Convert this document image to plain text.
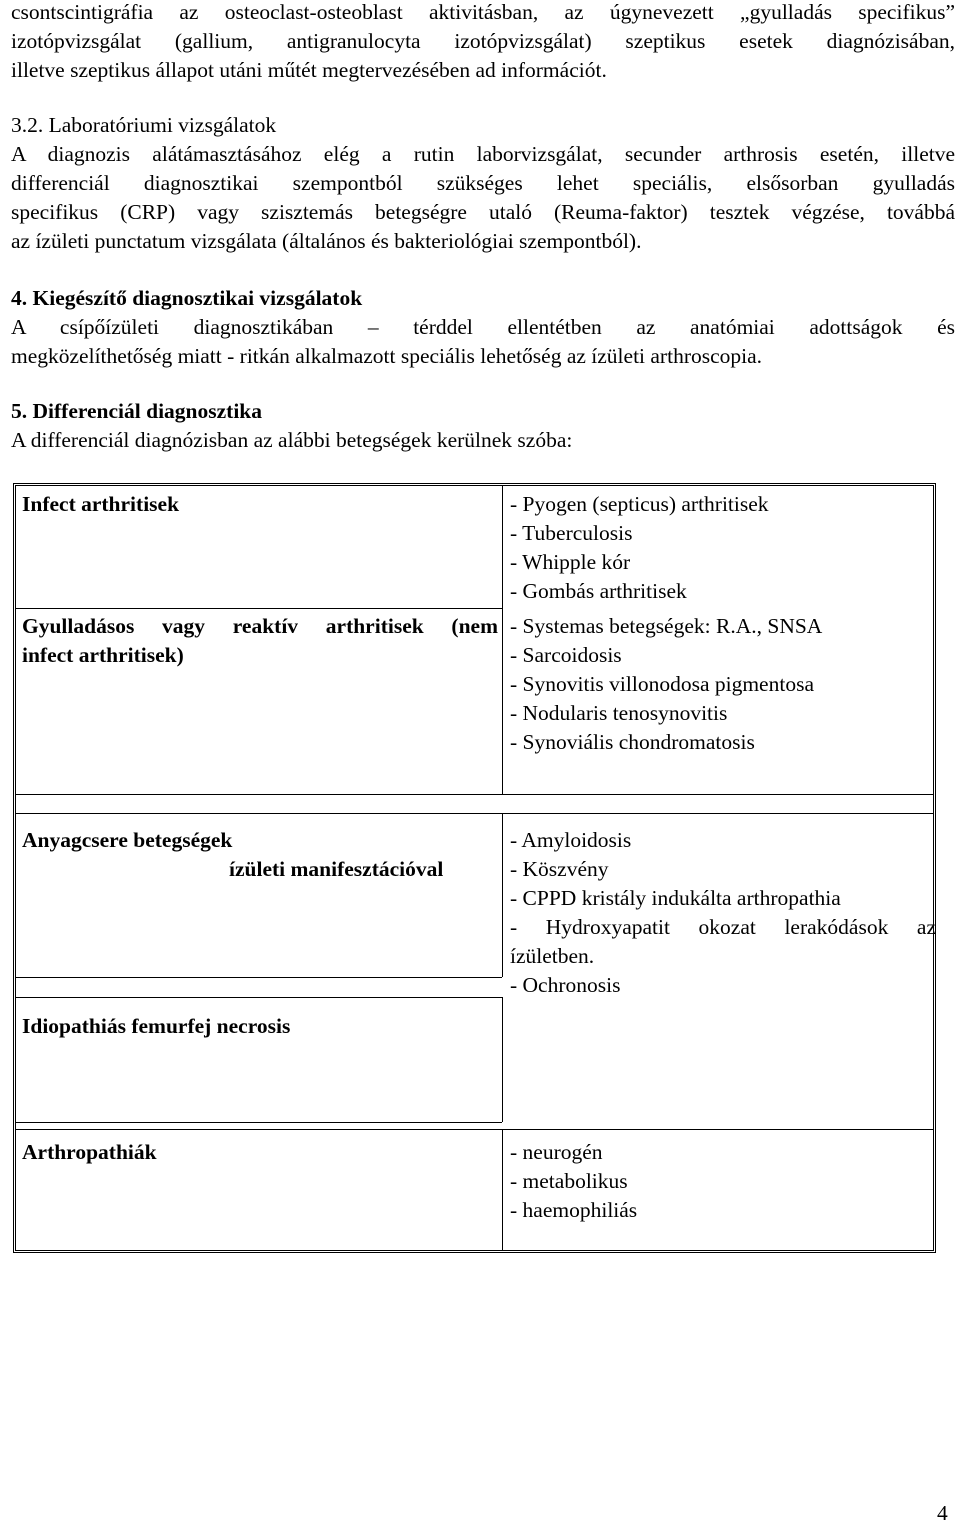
csontscintigráfia az osteoclast-osteoblast aktivitásban, az úgynevezett „gyulladás specifikus”

izotópvizsgálat (gallium, antigranulocyta izotópvizsgálat) szeptikus esetek diagnózisában,

illetve szeptikus állapot utáni műtét megtervezésében ad információt.

3.2. Laboratóriumi vizsgálatok

A diagnozis alátámasztásához elég a rutin laborvizsgálat, secunder arthrosis esetén, illetve

differenciál diagnosztikai szempontból szükséges lehet speciális, elsősorban gyulladás

specifikus (CRP) vagy szisztemás betegségre utaló (Reuma-faktor) tesztek végzése, továbbá

az ízületi punctatum vizsgálata (általános és bakteriológiai szempontból).

4. Kiegészítő diagnosztikai vizsgálatok

A csípőízületi diagnosztikában – térddel ellentétben az anatómiai adottságok és

megközelíthetőség miatt - ritkán alkalmazott speciális lehetőség az ízületi arthroscopia.

5. Differenciál diagnosztika

A differenciál diagnózisban az alábbi betegségek kerülnek szóba:

Infect arthritisek	- Pyogen (septicus) arthritisek
- Tuberculosis
- Whipple kór
- Gombás arthritisek

Gyulladásos vagy reaktív arthritisek (nem

infect arthritisek)

- Systemas betegségek: R.A., SNSA
- Sarcoidosis
- Synovitis villonodosa pigmentosa
- Nodularis tenosynovitis
- Synoviális chondromatosis

Anyagcsere betegségek

ízületi manifesztációval

- Amyloidosis
- Köszvény
- CPPD kristály indukálta arthropathia
- Hydroxyapatit okozat lerakódások az
ízületben.
- Ochronosis
Idiopathiás femurfej necrosis
Arthropathiák	- neurogén
- metabolikus
- haemophiliás
4
